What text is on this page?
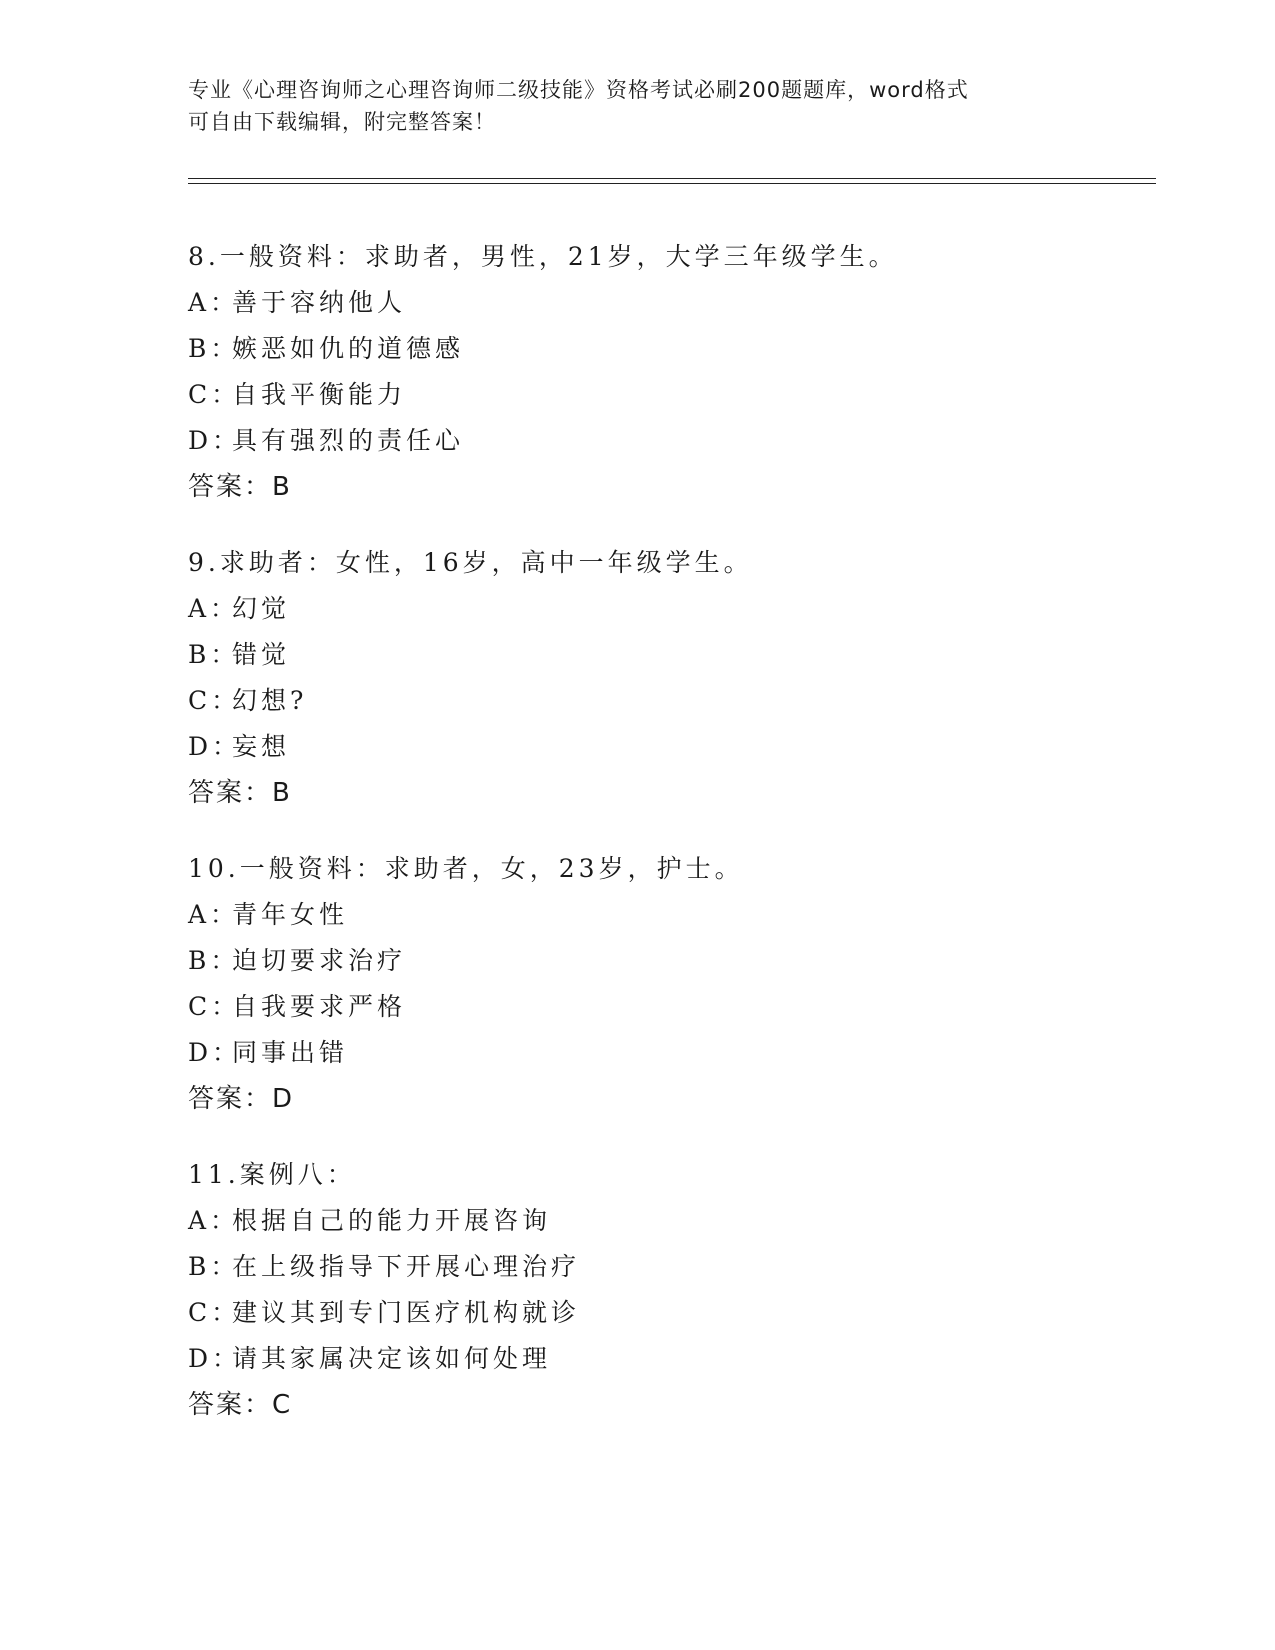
专业《心理咨询师之心理咨询师二级技能》资格考试必刷200题题库，word格式
可自由下载编辑，附完整答案！
8.一般资料：求助者，男性，21岁，大学三年级学生。
A：善于容纳他人
B：嫉恶如仇的道德感
C：自我平衡能力
D：具有强烈的责任心
答案：B
9.求助者：女性，16岁，高中一年级学生。
A：幻觉
B：错觉
C：幻想?
D：妄想
答案：B
10.一般资料：求助者，女，23岁，护士。
A：青年女性
B：迫切要求治疗
C：自我要求严格
D：同事出错
答案：D
11.案例八：
A：根据自己的能力开展咨询
B：在上级指导下开展心理治疗
C：建议其到专门医疗机构就诊
D：请其家属决定该如何处理
答案：C
